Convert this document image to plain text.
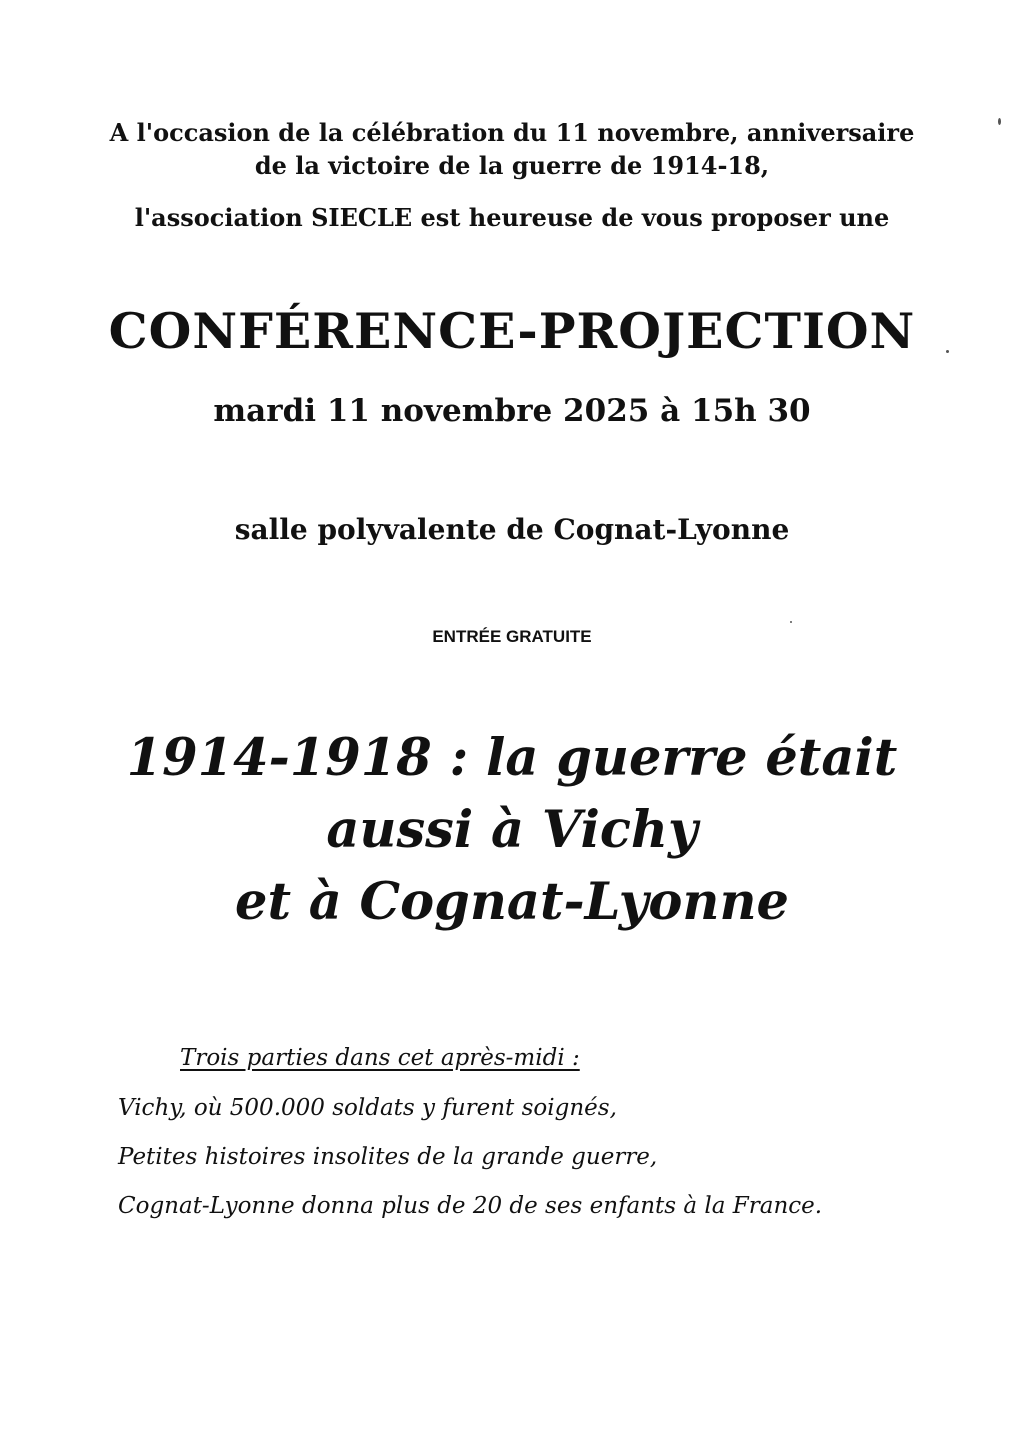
A l'occasion de la célébration du 11 novembre, anniversaire de la victoire de la guerre de 1914-18,
l'association SIECLE est heureuse de vous proposer une
CONFÉRENCE-PROJECTION
mardi 11 novembre 2025 à 15h 30
salle polyvalente de Cognat-Lyonne
ENTRÉE GRATUITE
1914-1918 : la guerre était
aussi à Vichy
et à Cognat-Lyonne
Trois parties dans cet après-midi :
Vichy, où 500.000 soldats y furent soignés,
Petites histoires insolites de la grande guerre,
Cognat-Lyonne donna plus de 20 de ses enfants à la France.
